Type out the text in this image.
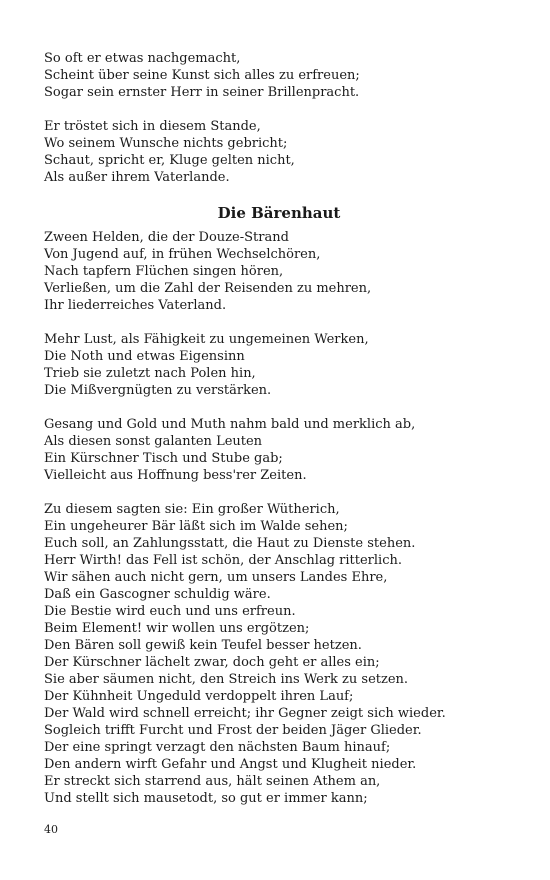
So oft er etwas nachgemacht,
Scheint über seine Kunst sich alles zu erfreuen;
Sogar sein ernster Herr in seiner Brillenpracht.
Er tröstet sich in diesem Stande,
Wo seinem Wunsche nichts gebricht;
Schaut, spricht er, Kluge gelten nicht,
Als außer ihrem Vaterlande.
Die Bärenhaut
Zween Helden, die der Douze-Strand
Von Jugend auf, in frühen Wechselchören,
Nach tapfern Flüchen singen hören,
Verließen, um die Zahl der Reisenden zu mehren,
Ihr liederreiches Vaterland.
Mehr Lust, als Fähigkeit zu ungemeinen Werken,
Die Noth und etwas Eigensinn
Trieb sie zuletzt nach Polen hin,
Die Mißvergnügten zu verstärken.
Gesang und Gold und Muth nahm bald und merklich ab,
Als diesen sonst galanten Leuten
Ein Kürschner Tisch und Stube gab;
Vielleicht aus Hoffnung bess'rer Zeiten.
Zu diesem sagten sie: Ein großer Wütherich,
Ein ungeheurer Bär läßt sich im Walde sehen;
Euch soll, an Zahlungsstatt, die Haut zu Dienste stehen.
Herr Wirth! das Fell ist schön, der Anschlag ritterlich.
Wir sähen auch nicht gern, um unsers Landes Ehre,
Daß ein Gascogner schuldig wäre.
Die Bestie wird euch und uns erfreun.
Beim Element! wir wollen uns ergötzen;
Den Bären soll gewiß kein Teufel besser hetzen.
Der Kürschner lächelt zwar, doch geht er alles ein;
Sie aber säumen nicht, den Streich ins Werk zu setzen.
Der Kühnheit Ungeduld verdoppelt ihren Lauf;
Der Wald wird schnell erreicht; ihr Gegner zeigt sich wieder.
Sogleich trifft Furcht und Frost der beiden Jäger Glieder.
Der eine springt verzagt den nächsten Baum hinauf;
Den andern wirft Gefahr und Angst und Klugheit nieder.
Er streckt sich starrend aus, hält seinen Athem an,
Und stellt sich mausetodt, so gut er immer kann;
40
